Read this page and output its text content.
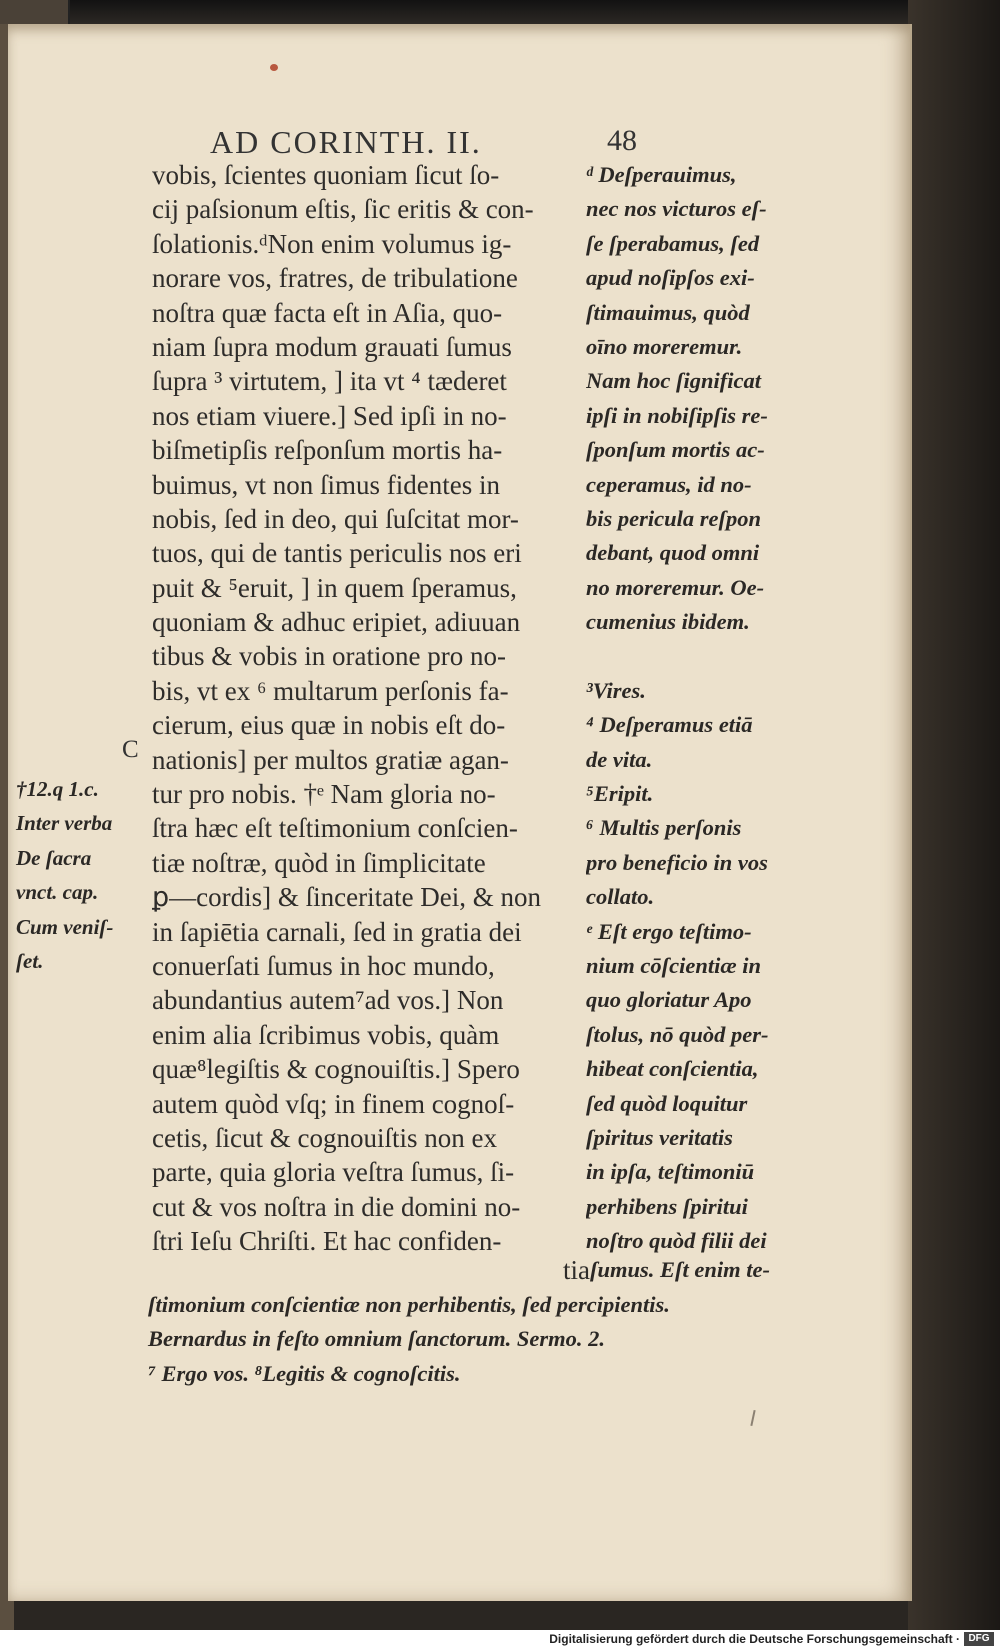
AD CORINTH. II.	48
C
†12.q 1.c.
Inter verba
De ſacra
vnct. cap.
Cum veniſ-
ſet.
vobis, ſcientes quoniam ſicut ſo-
cij paſsionum eſtis, ſic eritis & con-
ſolationis.ᵈNon enim volumus ig-
norare vos, fratres, de tribulatione
noſtra quæ facta eſt in Aſia, quo-
niam ſupra modum grauati ſumus
ſupra ³ virtutem, ] ita vt ⁴ tæderet
nos etiam viuere.] Sed ipſi in no-
biſmetipſis reſponſum mortis ha-
buimus, vt non ſimus fidentes in
nobis, ſed in deo, qui ſuſcitat mor-
tuos, qui de tantis periculis nos eri
puit & ⁵eruit, ] in quem ſperamus,
quoniam & adhuc eripiet, adiuuan
tibus & vobis in oratione pro no-
bis, vt ex ⁶ multarum perſonis fa-
cierum, eius quæ in nobis eſt do-
nationis] per multos gratiæ agan-
tur pro nobis. †ᵉ Nam gloria no-
ſtra hæc eſt teſtimonium conſcien-
tiæ noſtræ, quòd in ſimplicitate
ꝑ—cordis] & ſinceritate Dei, & non
in ſapiētia carnali, ſed in gratia dei
conuerſati ſumus in hoc mundo,
abundantius autem⁷ad vos.] Non
enim alia ſcribimus vobis, quàm
quæ⁸legiſtis & cognouiſtis.] Spero
autem quòd vſq; in finem cognoſ-
cetis, ſicut & cognouiſtis non ex
parte, quia gloria veſtra ſumus, ſi-
cut & vos noſtra in die domini no-
ſtri Ieſu Chriſti. Et hac confiden-
tia
ᵈ Deſperauimus,
nec nos victuros eſ-
ſe ſperabamus, ſed
apud noſipſos exi-
ſtimauimus, quòd
oīno moreremur.
Nam hoc ſignificat
ipſi in nobiſipſis re-
ſponſum mortis ac-
ceperamus, id no-
bis pericula reſpon
debant, quod omni
no moreremur. Oe-
cumenius ibidem.
³Vires.
⁴ Deſperamus etiā
de vita.
⁵Eripit.
⁶ Multis perſonis
pro beneficio in vos
collato.
ᵉ Eſt ergo teſtimo-
nium cōſcientiæ in
quo gloriatur Apo
ſtolus, nō quòd per-
hibeat conſcientia,
ſed quòd loquitur
ſpiritus veritatis
in ipſa, teſtimoniū
perhibens ſpiritui
noſtro quòd filii dei
ſumus. Eſt enim te-
ſtimonium conſcientiæ non perhibentis, ſed percipientis.
Bernardus in feſto omnium ſanctorum. Sermo. 2.
⁷ Ergo vos. ⁸Legitis & cognoſcitis.
Digitalisierung gefördert durch die Deutsche Forschungsgemeinschaft · DFG
